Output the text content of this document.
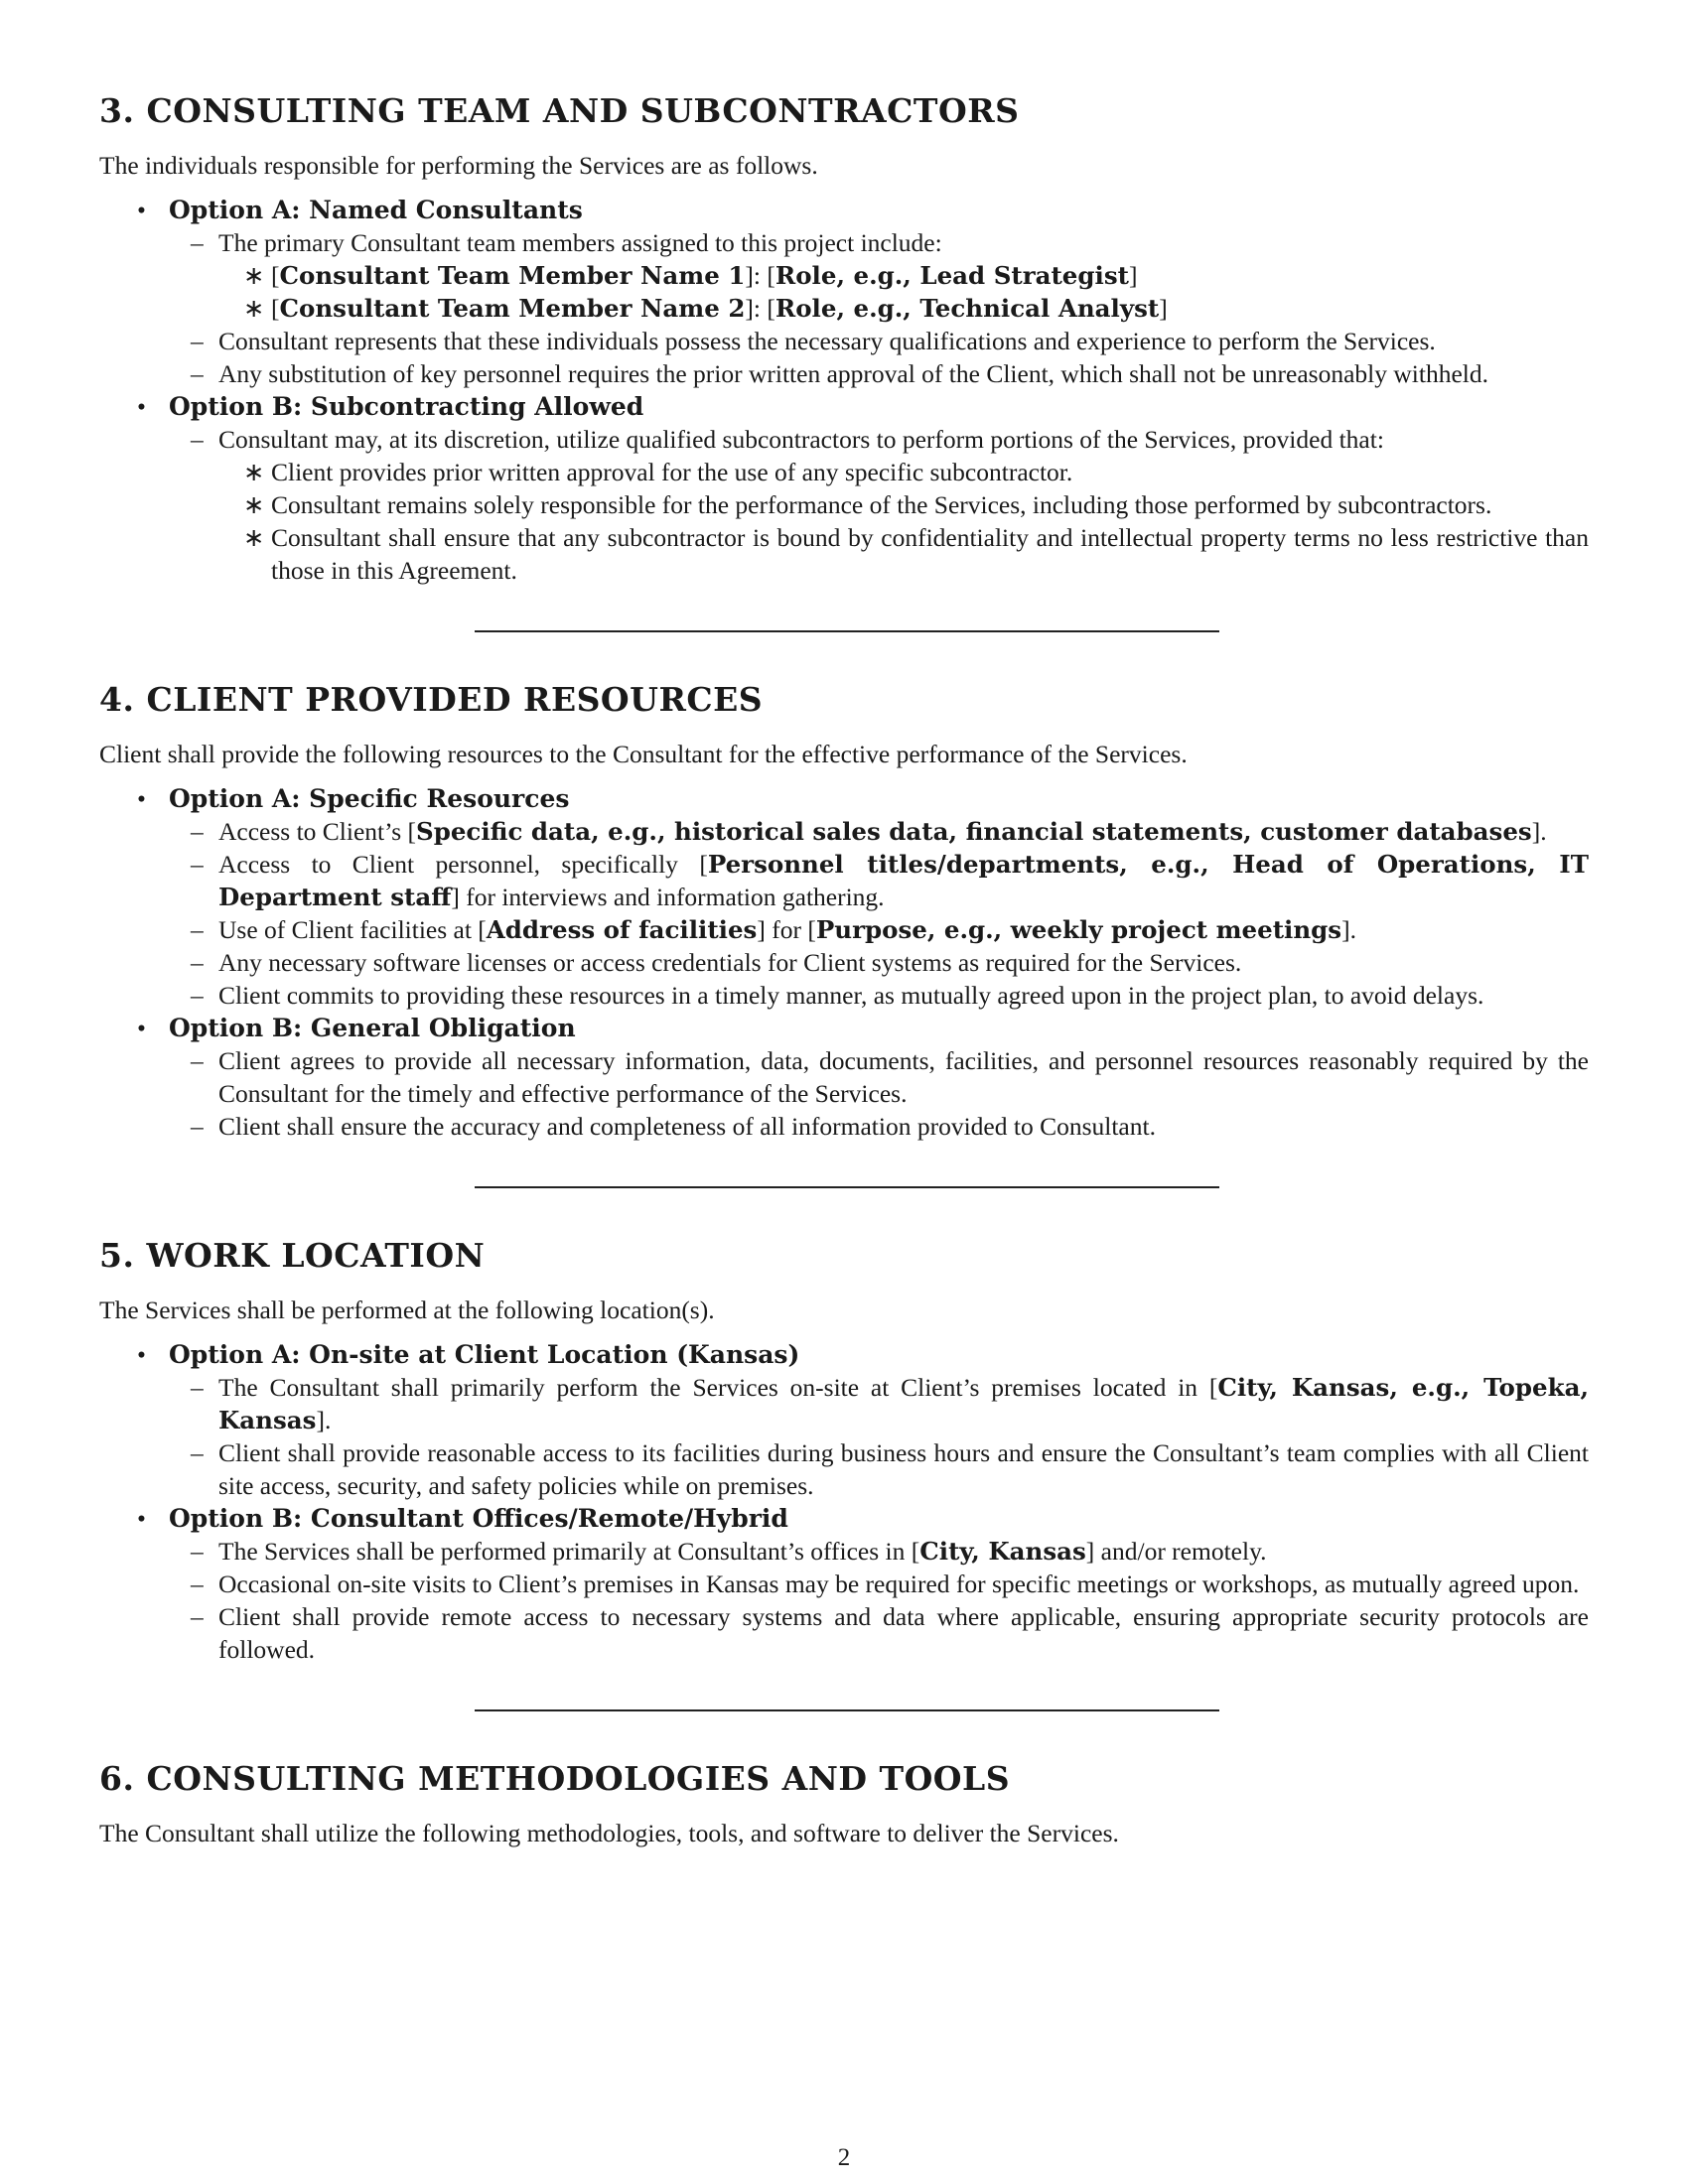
3. CONSULTING TEAM AND SUBCONTRACTORS

The individuals responsible for performing the Services are as follows.

• Option A: Named Consultants
– The primary Consultant team members assigned to this project include:
∗ [Consultant Team Member Name 1]: [Role, e.g., Lead Strategist]
∗ [Consultant Team Member Name 2]: [Role, e.g., Technical Analyst]
– Consultant represents that these individuals possess the necessary qualifications and experience to perform the Services.
– Any substitution of key personnel requires the prior written approval of the Client, which shall not be unreasonably withheld.
• Option B: Subcontracting Allowed
– Consultant may, at its discretion, utilize qualified subcontractors to perform portions of the Services, provided that:
∗ Client provides prior written approval for the use of any specific subcontractor.
∗ Consultant remains solely responsible for the performance of the Services, including those performed by subcontractors.
∗ Consultant shall ensure that any subcontractor is bound by confidentiality and intellectual property terms no less restrictive than those in this Agreement.
4. CLIENT PROVIDED RESOURCES

Client shall provide the following resources to the Consultant for the effective performance of the Services.

• Option A: Specific Resources
– Access to Client’s [Specific data, e.g., historical sales data, financial statements, customer databases].
– Access to Client personnel, specifically [Personnel titles/departments, e.g., Head of Operations, IT Department staff] for interviews and information gathering.
– Use of Client facilities at [Address of facilities] for [Purpose, e.g., weekly project meetings].
– Any necessary software licenses or access credentials for Client systems as required for the Services.
– Client commits to providing these resources in a timely manner, as mutually agreed upon in the project plan, to avoid delays.
• Option B: General Obligation
– Client agrees to provide all necessary information, data, documents, facilities, and personnel resources reasonably required by the Consultant for the timely and effective performance of the Services.
– Client shall ensure the accuracy and completeness of all information provided to Consultant.
5. WORK LOCATION

The Services shall be performed at the following location(s).

• Option A: On-site at Client Location (Kansas)
– The Consultant shall primarily perform the Services on-site at Client’s premises located in [City, Kansas, e.g., Topeka, Kansas].
– Client shall provide reasonable access to its facilities during business hours and ensure the Consultant’s team complies with all Client site access, security, and safety policies while on premises.
• Option B: Consultant Offices/Remote/Hybrid
– The Services shall be performed primarily at Consultant’s offices in [City, Kansas] and/or remotely.
– Occasional on-site visits to Client’s premises in Kansas may be required for specific meetings or workshops, as mutually agreed upon.
– Client shall provide remote access to necessary systems and data where applicable, ensuring appropriate security protocols are followed.
6. CONSULTING METHODOLOGIES AND TOOLS

The Consultant shall utilize the following methodologies, tools, and software to deliver the Services.

2
